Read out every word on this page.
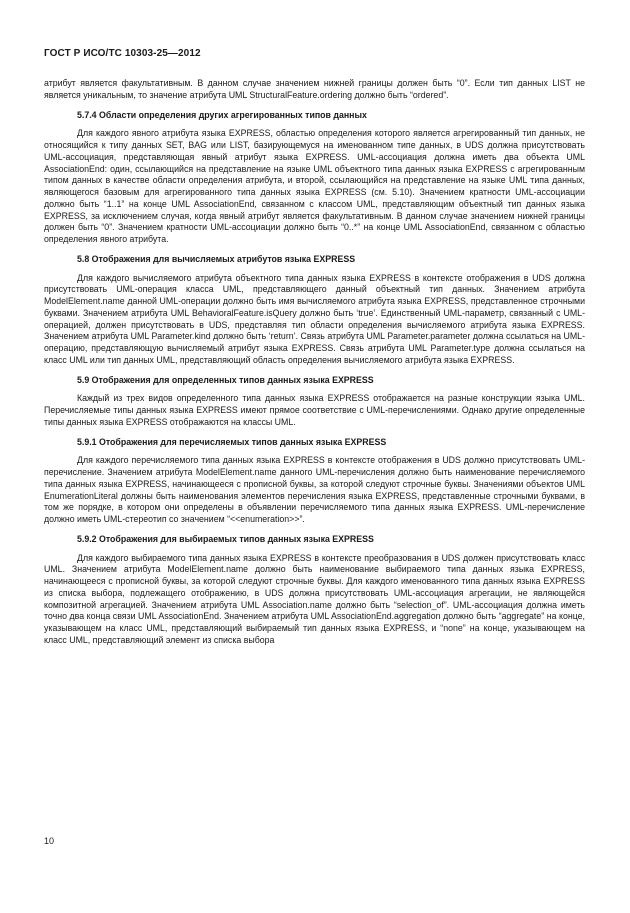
ГОСТ Р ИСО/ТС 10303-25—2012

атрибут является факультативным. В данном случае значением нижней границы должен быть “0”. Если тип данных LIST не является уникальным, то значение атрибута UML StructuralFeature.ordering должно быть “ordered”.

5.7.4 Области определения других агрегированных типов данных

Для каждого явного атрибута языка EXPRESS, областью определения которого является агрегированный тип данных, не относящийся к типу данных SET, BAG или LIST, базирующемуся на именованном типе данных, в UDS должна присутствовать UML-ассоциация, представляющая явный атрибут языка EXPRESS. UML-ассоциация должна иметь два объекта UML AssociationEnd: один, ссылающийся на представление на языке UML объектного типа данных языка EXPRESS с агрегированным типом данных в качестве области определения атрибута, и второй, ссылающийся на представление на языке UML типа данных, являющегося базовым для агрегированного типа данных языка EXPRESS (см. 5.10). Значением кратности UML-ассоциации должно быть “1..1” на конце UML AssociationEnd, связанном с классом UML, представляющим объектный тип данных языка EXPRESS, за исключением случая, когда явный атрибут является факультативным. В данном случае значением нижней границы должен быть “0”. Значением кратности UML-ассоциации должно быть “0..*” на конце UML AssociationEnd, связанном с областью определения явного атрибута.

5.8 Отображения для вычисляемых атрибутов языка EXPRESS

Для каждого вычисляемого атрибута объектного типа данных языка EXPRESS в контексте отображения в UDS должна присутствовать UML-операция класса UML, представляющего данный объектный тип данных. Значением атрибута ModelElement.name данной UML-операции должно быть имя вычисляемого атрибута языка EXPRESS, представленное строчными буквами. Значением атрибута UML BehavioralFeature.isQuery должно быть ‘true’. Единственный UML-параметр, связанный с UML-операцией, должен присутствовать в UDS, представляя тип области определения вычисляемого атрибута языка EXPRESS. Значением атрибута UML Parameter.kind должно быть ‘return’. Связь атрибута UML Parameter.parameter должна ссылаться на UML-операцию, представляющую вычисляемый атрибут языка EXPRESS. Связь атрибута UML Parameter.type должна ссылаться на класс UML или тип данных UML, представляющий область определения вычисляемого атрибута языка EXPRESS.

5.9 Отображения для определенных типов данных языка EXPRESS

Каждый из трех видов определенного типа данных языка EXPRESS отображается на разные конструкции языка UML. Перечисляемые типы данных языка EXPRESS имеют прямое соответствие с UML-перечислениями. Однако другие определенные типы данных языка EXPRESS отображаются на классы UML.

5.9.1 Отображения для перечисляемых типов данных языка EXPRESS

Для каждого перечисляемого типа данных языка EXPRESS в контексте отображения в UDS должно присутствовать UML-перечисление. Значением атрибута ModelElement.name данного UML-перечисления должно быть наименование перечисляемого типа данных языка EXPRESS, начинающееся с прописной буквы, за которой следуют строчные буквы. Значениями объектов UML EnumerationLiteral должны быть наименования элементов перечисления языка EXPRESS, представленные строчными буквами, в том же порядке, в котором они определены в объявлении перечисляемого типа данных языка EXPRESS. UML-перечисление должно иметь UML-стереотип со значением “<<enumeration>>”.

5.9.2 Отображения для выбираемых типов данных языка EXPRESS

Для каждого выбираемого типа данных языка EXPRESS в контексте преобразования в UDS должен присутствовать класс UML. Значением атрибута ModelElement.name должно быть наименование выбираемого типа данных языка EXPRESS, начинающееся с прописной буквы, за которой следуют строчные буквы. Для каждого именованного типа данных языка EXPRESS из списка выбора, подлежащего отображению, в UDS должна присутствовать UML-ассоциация агрегации, не являющейся композитной агрегацией. Значением атрибута UML Association.name должно быть “selection_of”. UML-ассоциация должна иметь точно два конца связи UML AssociationEnd. Значением атрибута UML AssociationEnd.aggregation должно быть “aggregate” на конце, указывающем на класс UML, представляющий выбираемый тип данных языка EXPRESS, и “none” на конце, указывающем на класс UML, представляющий элемент из списка выбора

10
